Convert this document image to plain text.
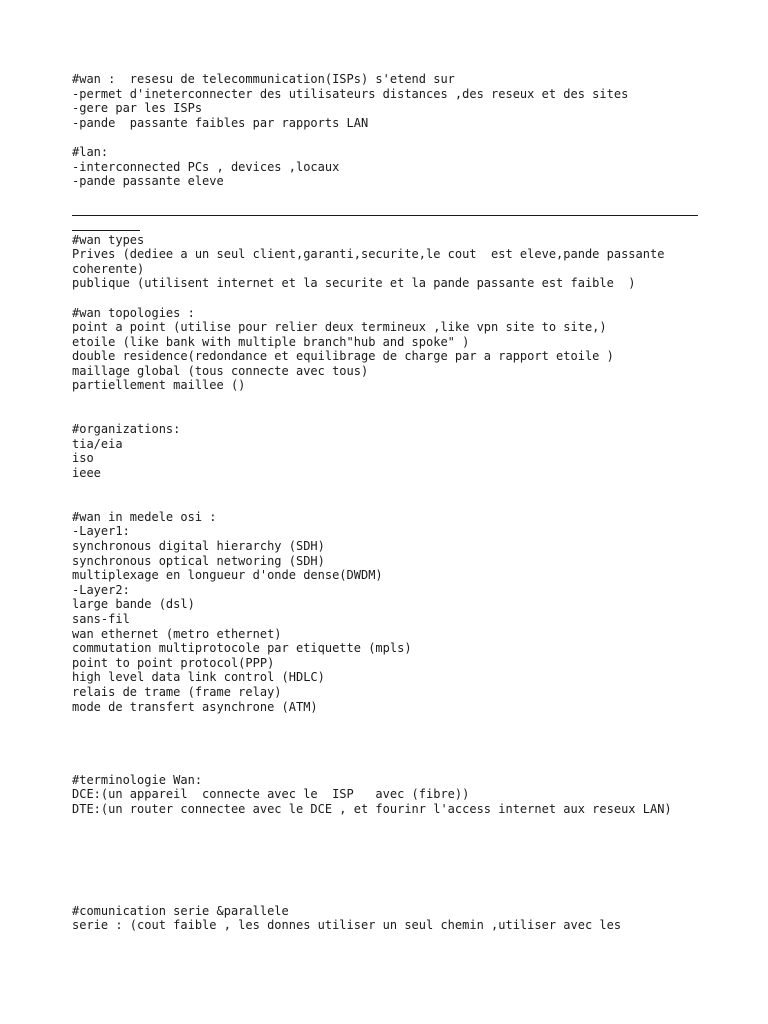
#wan :  resesu de telecommunication(ISPs) s'etend sur
-permet d'ineterconnecter des utilisateurs distances ,des reseux et des sites
-gere par les ISPs
-pande  passante faibles par rapports LAN
#lan:
-interconnected PCs , devices ,locaux
-pande passante eleve
#wan types
Prives (dediee a un seul client,garanti,securite,le cout  est eleve,pande passante
coherente)
publique (utilisent internet et la securite et la pande passante est faible  )
#wan topologies :
point a point (utilise pour relier deux termineux ,like vpn site to site,)
etoile (like bank with multiple branch"hub and spoke" )
double residence(redondance et equilibrage de charge par a rapport etoile )
maillage global (tous connecte avec tous)
partiellement maillee ()
#organizations:
tia/eia
iso
ieee
#wan in medele osi :
-Layer1:
synchronous digital hierarchy (SDH)
synchronous optical networing (SDH)
multiplexage en longueur d'onde dense(DWDM)
-Layer2:
large bande (dsl)
sans-fil
wan ethernet (metro ethernet)
commutation multiprotocole par etiquette (mpls)
point to point protocol(PPP)
high level data link control (HDLC)
relais de trame (frame relay)
mode de transfert asynchrone (ATM)
#terminologie Wan:
DCE:(un appareil  connecte avec le  ISP   avec (fibre))
DTE:(un router connectee avec le DCE , et fourinr l'access internet aux reseux LAN)
#comunication serie &parallele
serie : (cout faible , les donnes utiliser un seul chemin ,utiliser avec les
